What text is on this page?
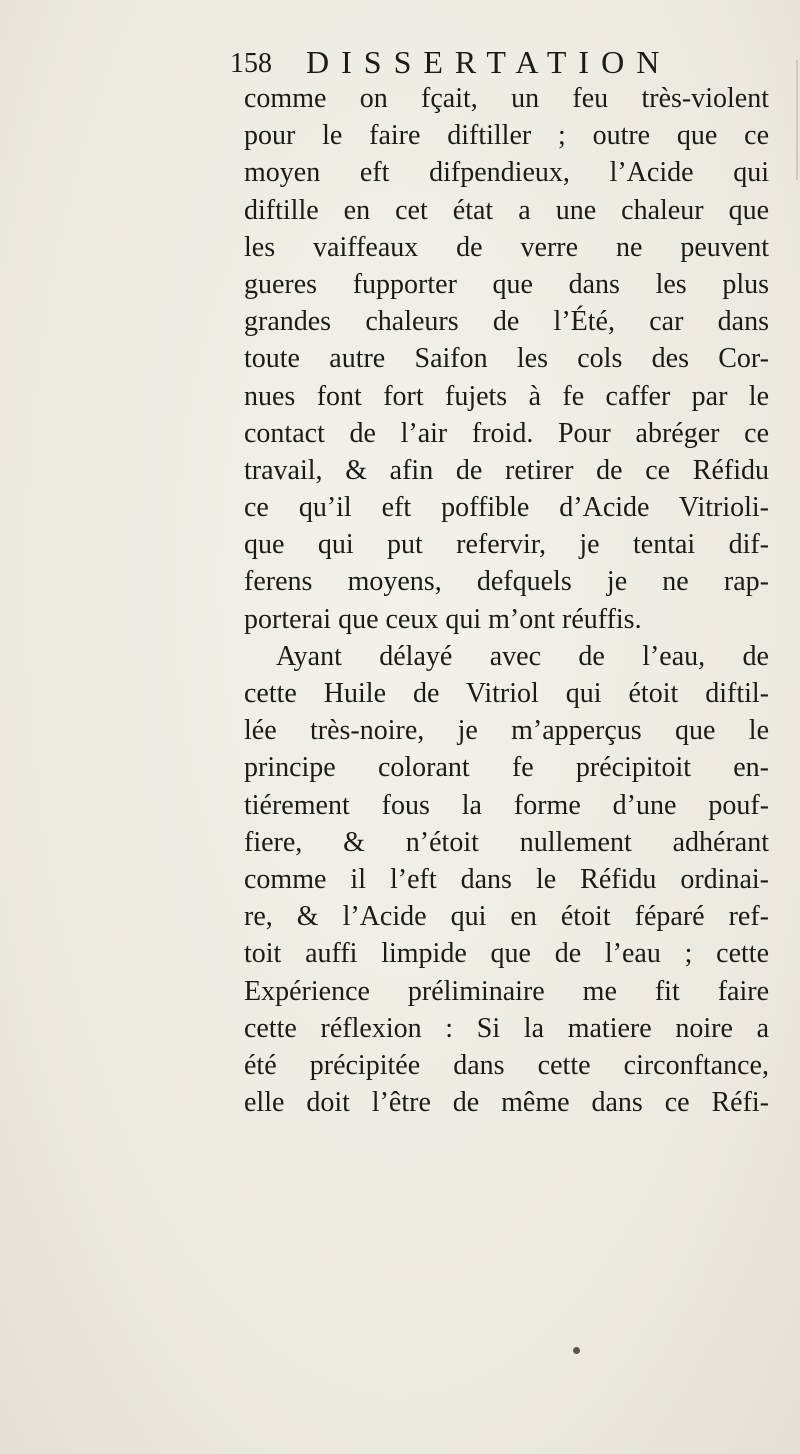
158 DISSERTATION
comme on fçait, un feu très-violent
pour le faire diftiller ; outre que ce
moyen eft difpendieux, l’Acide qui
diftille en cet état a une chaleur que
les vaiffeaux de verre ne peuvent
gueres fupporter que dans les plus
grandes chaleurs de l’Été, car dans
toute autre Saifon les cols des Cor-
nues font fort fujets à fe caffer par le
contact de l’air froid. Pour abréger ce
travail, & afin de retirer de ce Réfidu
ce qu’il eft poffible d’Acide Vitrioli-
que qui put refervir, je tentai dif-
ferens moyens, defquels je ne rap-
porterai que ceux qui m’ont réuffis.
Ayant délayé avec de l’eau, de
cette Huile de Vitriol qui étoit diftil-
lée très-noire, je m’apperçus que le
principe colorant fe précipitoit en-
tiérement fous la forme d’une pouf-
fiere, & n’étoit nullement adhérant
comme il l’eft dans le Réfidu ordinai-
re, & l’Acide qui en étoit féparé ref-
toit auffi limpide que de l’eau ; cette
Expérience préliminaire me fit faire
cette réflexion : Si la matiere noire a
été précipitée dans cette circonftance,
elle doit l’être de même dans ce Réfi-
